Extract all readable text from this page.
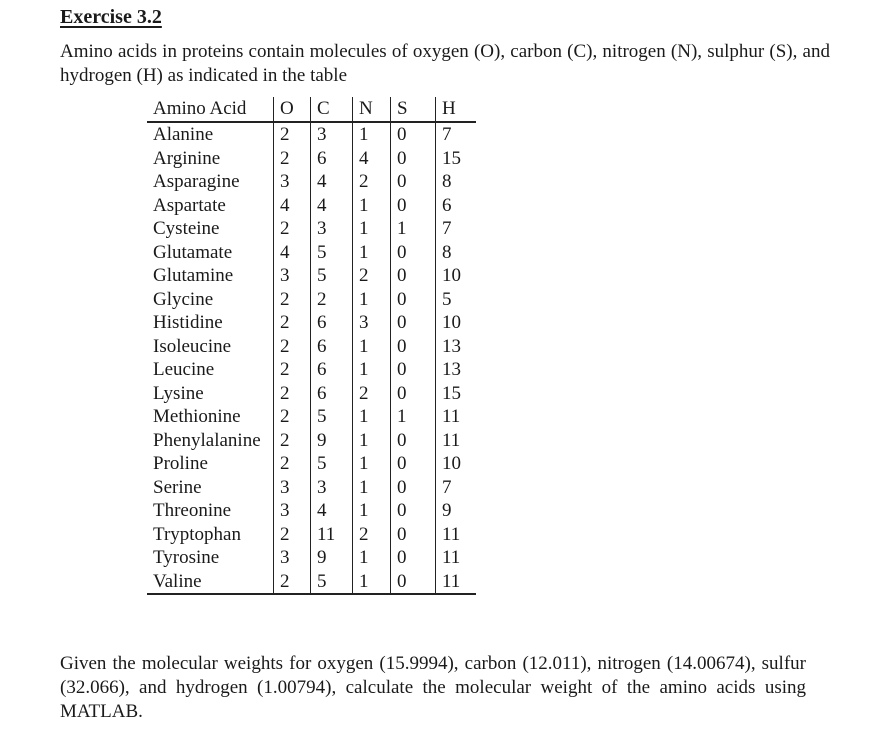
Exercise 3.2
Amino acids in proteins contain molecules of oxygen (O), carbon (C), nitrogen (N), sulphur (S), and hydrogen (H) as indicated in the table
Amino Acid	O	C	N	S	H
Alanine	2	3	1	0	7
Arginine	2	6	4	0	15
Asparagine	3	4	2	0	8
Aspartate	4	4	1	0	6
Cysteine	2	3	1	1	7
Glutamate	4	5	1	0	8
Glutamine	3	5	2	0	10
Glycine	2	2	1	0	5
Histidine	2	6	3	0	10
Isoleucine	2	6	1	0	13
Leucine	2	6	1	0	13
Lysine	2	6	2	0	15
Methionine	2	5	1	1	11
Phenylalanine	2	9	1	0	11
Proline	2	5	1	0	10
Serine	3	3	1	0	7
Threonine	3	4	1	0	9
Tryptophan	2	11	2	0	11
Tyrosine	3	9	1	0	11
Valine	2	5	1	0	11
Given the molecular weights for oxygen (15.9994), carbon (12.011), nitrogen (14.00674), sulfur (32.066), and hydrogen (1.00794), calculate the molecular weight of the amino acids using MATLAB.
